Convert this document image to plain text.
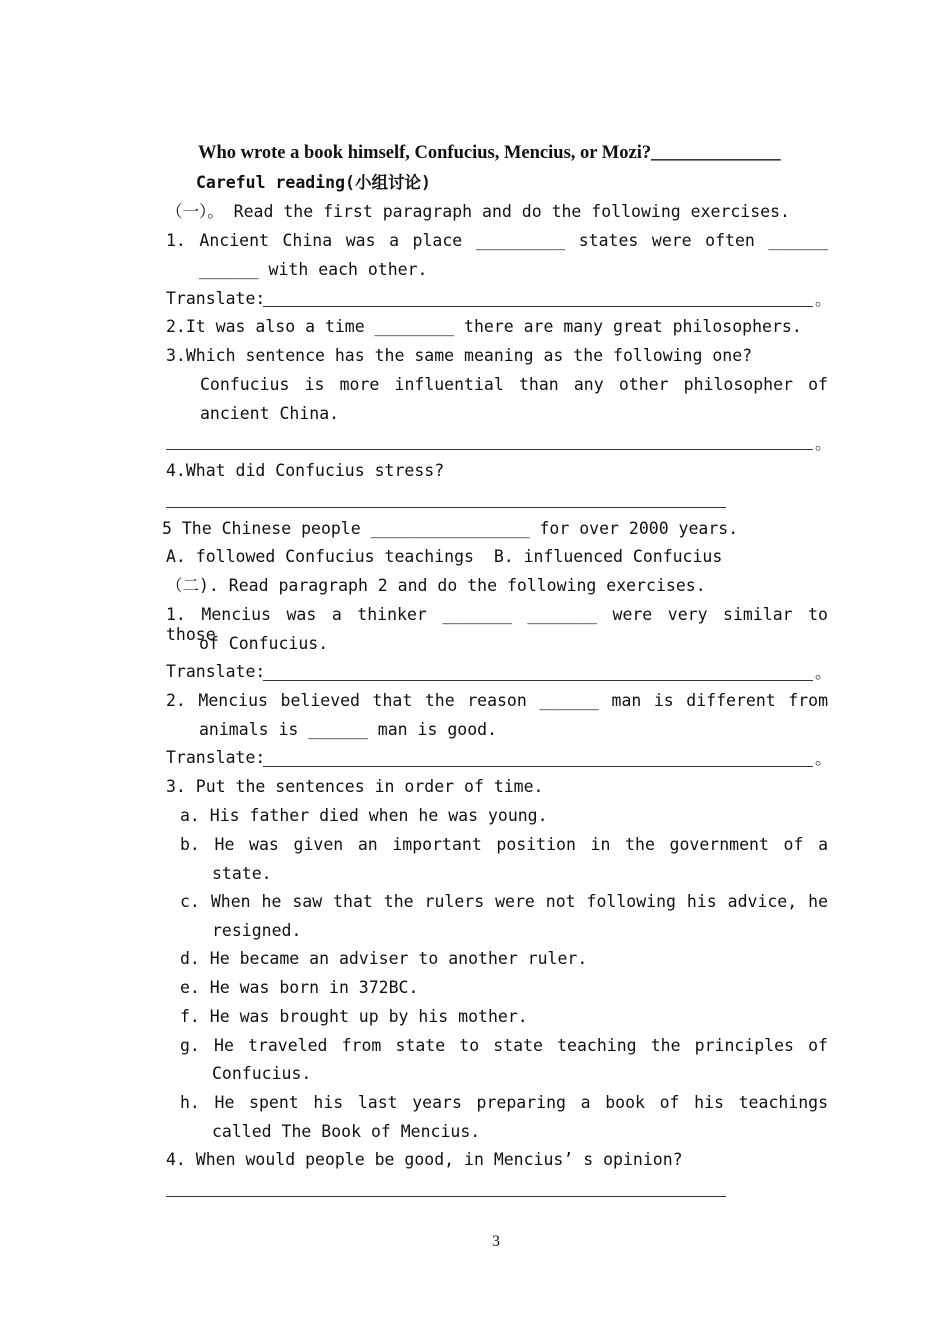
Who wrote a book himself, Confucius, Mencius, or Mozi?______________
Careful reading(小组讨论)
（一）。 Read the first paragraph and do the following exercises.
1. Ancient China was a place _________ states were often ______
______ with each other.
Translate:	。
2.It was also a time ________ there are many great philosophers.
3.Which sentence has the same meaning as the following one?
Confucius is more influential than any other philosopher of
ancient China.
。
4.What did Confucius stress?
5 The Chinese people ________________ for over 2000 years.
A. followed Confucius teachings  B. influenced Confucius
（二). Read paragraph 2 and do the following exercises.
1. Mencius was a thinker _______ _______ were very similar to those
of Confucius.
Translate:	。
2. Mencius believed that the reason ______ man is different from
animals is ______ man is good.
Translate:	。
3. Put the sentences in order of time.
a. His father died when he was young.
b. He was given an important position in the government of a
state.
c. When he saw that the rulers were not following his advice, he
resigned.
d. He became an adviser to another ruler.
e. He was born in 372BC.
f. He was brought up by his mother.
g. He traveled from state to state teaching the principles of
Confucius.
h. He spent his last years preparing a book of his teachings
called The Book of Mencius.
4. When would people be good, in Mencius’ s opinion?
3
